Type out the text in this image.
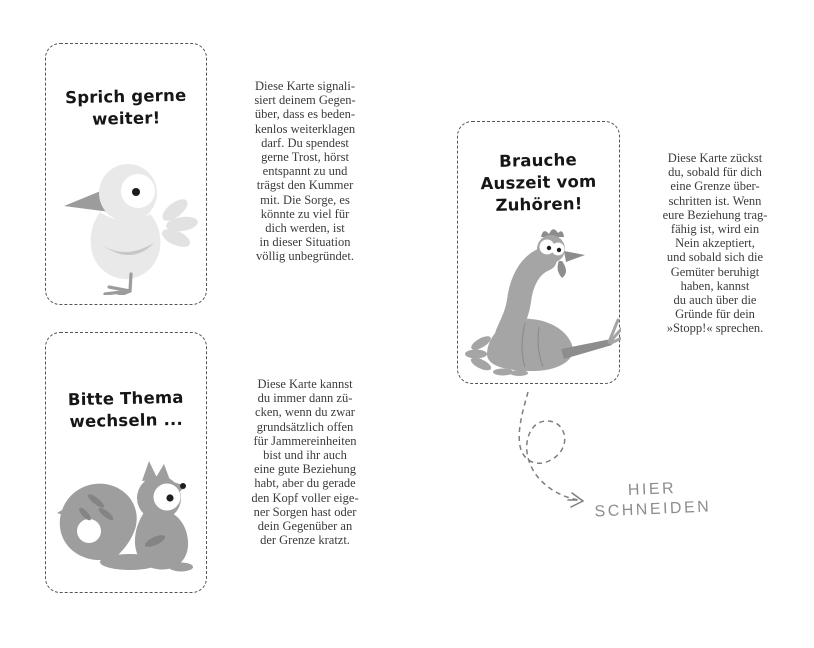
Sprich gerne
weiter!
Diese Karte signali-
siert deinem Gegen-
über, dass es beden-
kenlos weiterklagen
darf. Du spendest
gerne Trost, hörst
entspannt zu und
trägst den Kummer
mit. Die Sorge, es
könnte zu viel für
dich werden, ist
in dieser Situation
völlig unbegründet.
Bitte Thema
wechseln ...
Diese Karte kannst
du immer dann zü-
cken, wenn du zwar
grundsätzlich offen
für Jammereinheiten
bist und ihr auch
eine gute Beziehung
habt, aber du gerade
den Kopf voller eige-
ner Sorgen hast oder
dein Gegenüber an
der Grenze kratzt.
Brauche
Auszeit vom
Zuhören!
Diese Karte zückst
du, sobald für dich
eine Grenze über-
schritten ist. Wenn
eure Beziehung trag-
fähig ist, wird ein
Nein akzeptiert,
und sobald sich die
Gemüter beruhigt
haben, kannst
du auch über die
Gründe für dein
»Stopp!« sprechen.
HIER
SCHNEIDEN
